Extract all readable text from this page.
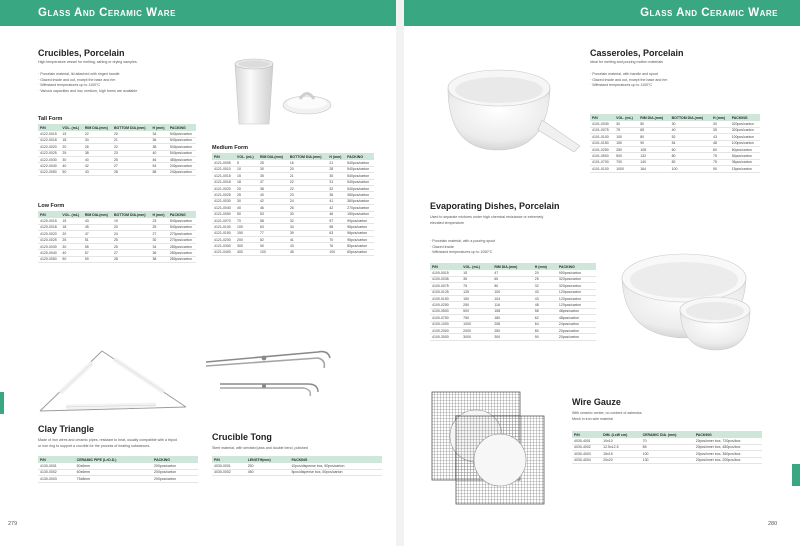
Glass And Ceramic Ware	Glass And Ceramic Ware
Crucibles, Porcelain
High temperature vessel for melting, ashing or drying samples.
· Porcelain material, lid attached with ringed handle
· Glazed inside and out, except the base and rim
· Withstand temperatures up to 1100°C
· Various capacities and low, medium, high forms are available
Tall Form
P/N	VOL. (mL)	RIM DIA.(mm)	BOTTOM DIA.(mm)	H (mm)	PACKING
4122-0015	15	22	20	34	540pcs/carton
4122-0018	18	34	21	36	540pcs/carton
4122-0020	20	26	22	38	540pcs/carton
4122-0025	25	38	23	40	540pcs/carton
4122-0030	30	40	25	46	480pcs/carton
4122-0040	40	42	27	54	240pcs/carton
4122-0050	50	43	28	58	240pcs/carton
Low Form
P/N	VOL. (mL)	RIM DIA.(mm)	BOTTOM DIA.(mm)	H (mm)	PACKING
4120-0015	15	43	19	23	540pcs/carton
4120-0018	18	45	20	25	540pcs/carton
4120-0020	20	47	24	27	270pcs/carton
4120-0025	25	51	25	30	270pcs/carton
4120-0030	30	55	25	34	280pcs/carton
4120-0040	40	57	27	36	280pcs/carton
4120-0050	50	59	28	38	280pcs/carton
Medium Form
P/N	VOL. (mL)	RIM DIA.(mm)	BOTTOM DIA.(mm)	H (mm)	PACKING
4121-0005	5	25	16	21	540pcs/carton
4121-0010	10	30	20	28	540pcs/carton
4121-0015	15	35	21	30	540pcs/carton
4121-0018	18	37	22	31	540pcs/carton
4121-0020	20	38	22	32	540pcs/carton
4121-0025	25	40	23	36	360pcs/carton
4121-0030	30	42	24	41	360pcs/carton
4121-0040	40	46	26	42	270pcs/carton
4121-0050	50	53	30	46	150pcs/carton
4121-0070	70	58	32	57	90pcs/carton
4121-0100	100	63	34	58	96pcs/carton
4121-0150	150	77	39	63	96pcs/carton
4121-0200	200	82	41	70	96pcs/carton
4121-0300	300	90	43	76	80pcs/carton
4121-0400	400	100	45	100	60pcs/carton
Clay Triangle
Made of iron wires and ceramic pipes, resistant to heat, usually compatible with a tripod
or iron ring to support a crucible for the process of heating substances.
P/N	CERAMIC PIPE (L×D.D.)	PACKING
4130-0001	50x6mm	200pcs/carton
4130-0002	60x6mm	200pcs/carton
4130-0003	75x8mm	200pcs/carton
Crucible Tong
Steel material, with serrated jaws and double bend, polished
P/N	LENGTH(mm)	PACKING
4030-0001	250	10pcs/dispense box, 50pcs/carton
4030-0002	450	5pcs/dispense box, 50pcs/carton
279
Casseroles, Porcelain
Ideal for melting and pouring molten materials
· Porcelain material, with handle and spout
· Glazed inside and out, except the base and rim
· Withstand temperatures up to 1100°C
P/N	VOL. (mL)	RIM DIA.(mm)	BOTTOM DIA.(mm)	H (mm)	PACKING
4101-0030	30	50	30	30	320pcs/carton
4101-0075	75	65	40	35	320pcs/carton
4101-0100	100	80	52	43	100pcs/carton
4101-0150	150	90	54	48	100pcs/carton
4101-0250	250	108	60	60	60pcs/carton
4101-0500	500	132	80	75	54pcs/carton
4101-0700	700	140	82	75	36pcs/carton
4101-0100	1000	164	100	90	15pcs/carton
Evaporating Dishes, Porcelain
Used to separate mixtures under high chemical resistance or extremely
elevated temperature
· Porcelain material, with a pouring spout
· Glazed inside
· Withstand temperatures up to 1050°C
P/N	VOL. (mL)	RIM DIA.(mm)	H (mm)	PACKING
4100-0015	15	47	20	900pcs/carton
4100-0035	35	60	25	320pcs/carton
4100-0075	75	80	32	320pcs/carton
4100-0125	125	100	43	120pcs/carton
4100-0150	150	104	43	120pcs/carton
4100-0250	250	116	48	120pcs/carton
4100-0500	500	158	58	48pcs/carton
4100-0750	750	180	62	48pcs/carton
4100-1000	1000	208	64	24pcs/carton
4100-2000	2000	250	80	20pcs/carton
4100-3000	3000	300	90	20pcs/carton
Wire Gauze
With ceramic center, no content of asbestos
Mesh in iron wire material
P/N	DIM. (LxW cm)	CERAMIC DIA. (mm)	PACKING
4030-4001	10x10	70	20pcs/inner box, 720pcs/box
4030-4002	12.5x12.5	85	20pcs/inner box, 480pcs/box
4030-4003	15x15	100	20pcs/inner box, 360pcs/box
4030-4004	20x20	130	20pcs/inner box, 200pcs/box
280
